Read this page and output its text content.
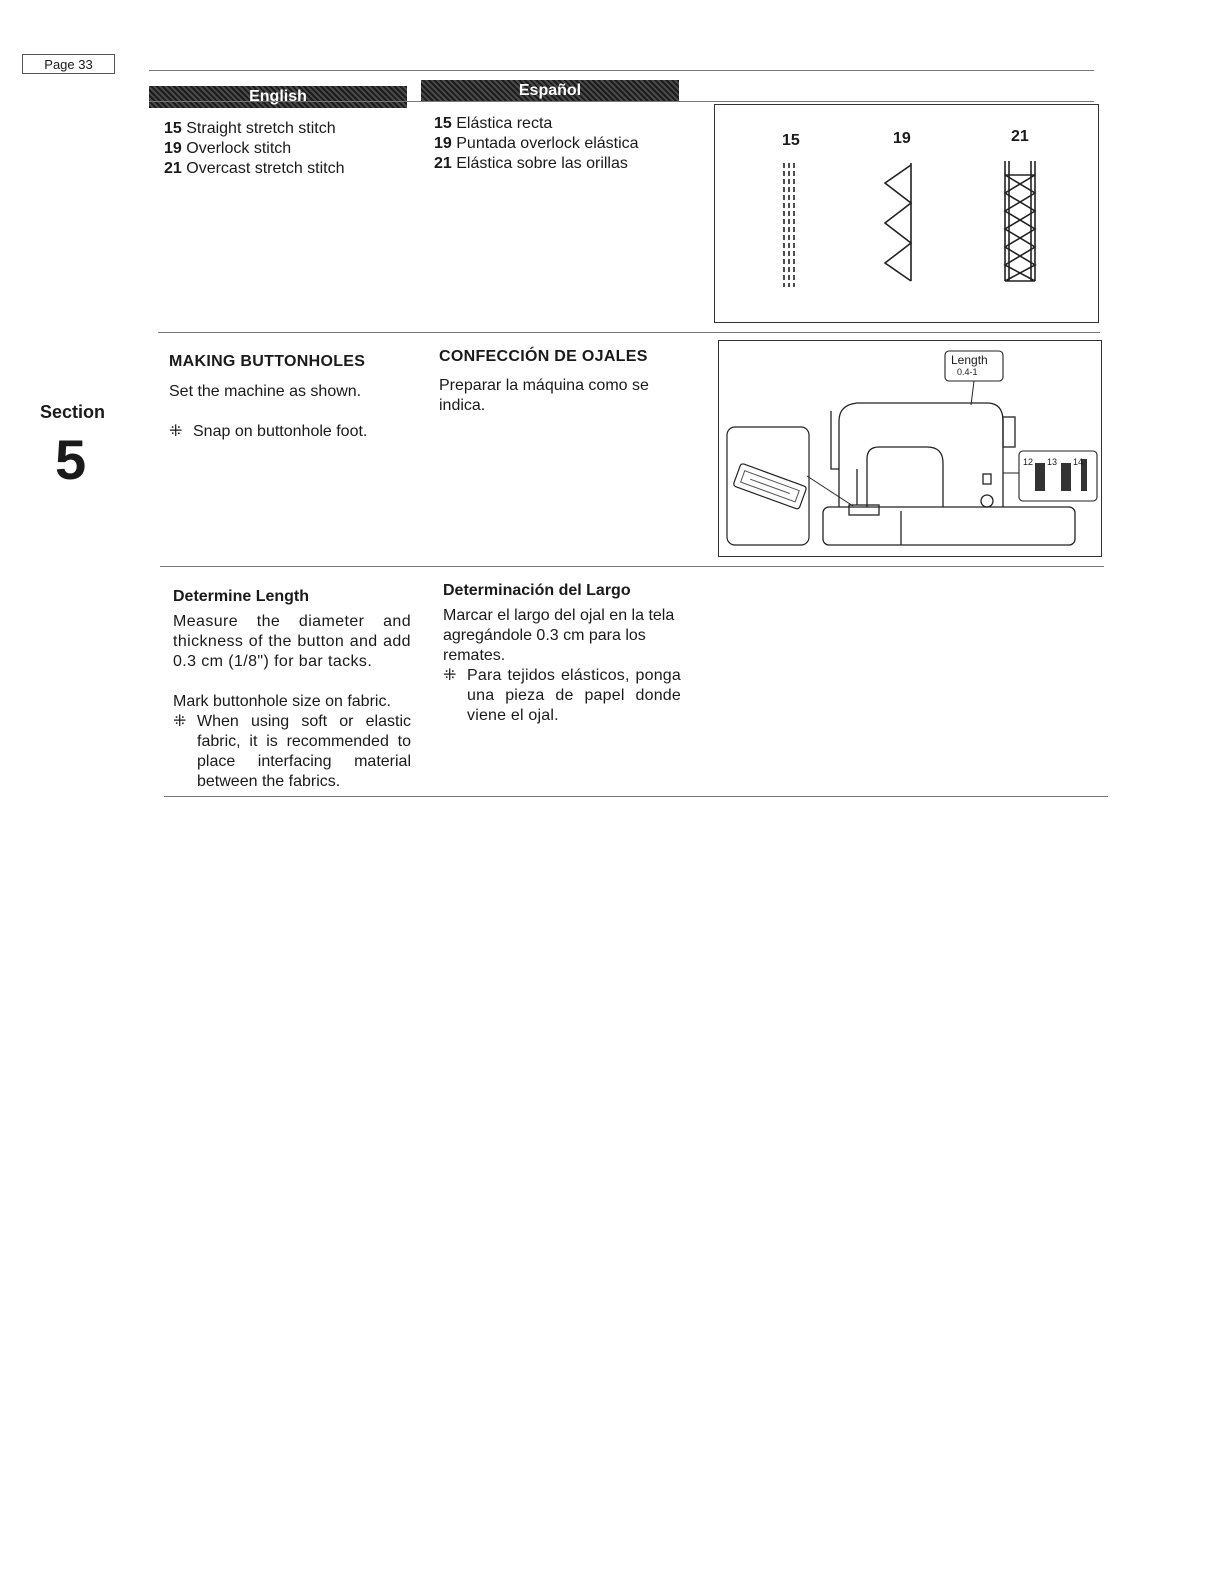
Page 33
English	Español
Section
5
15 Straight stretch stitch
19 Overlock stitch
21 Overcast stretch stitch
15 Elástica recta
19 Puntada overlock elástica
21 Elástica sobre las orillas
15	19	21
MAKING BUTTONHOLES
Set the machine as shown.
⁜ Snap on buttonhole foot.
CONFECCIÓN DE OJALES
Preparar la máquina como se indica.
Length
0.4-1
12 13 14
1
Determine Length
Measure the diameter and thickness of the button and add 0.3 cm (1/8") for bar tacks.
Mark buttonhole size on fabric.
⁜ When using soft or elastic fabric, it is recommended to place interfacing material between the fabrics.
Determinación del Largo
Marcar el largo del ojal en la tela agregándole 0.3 cm para los remates.
⁜ Para tejidos elásticos, ponga una pieza de papel donde viene el ojal.
